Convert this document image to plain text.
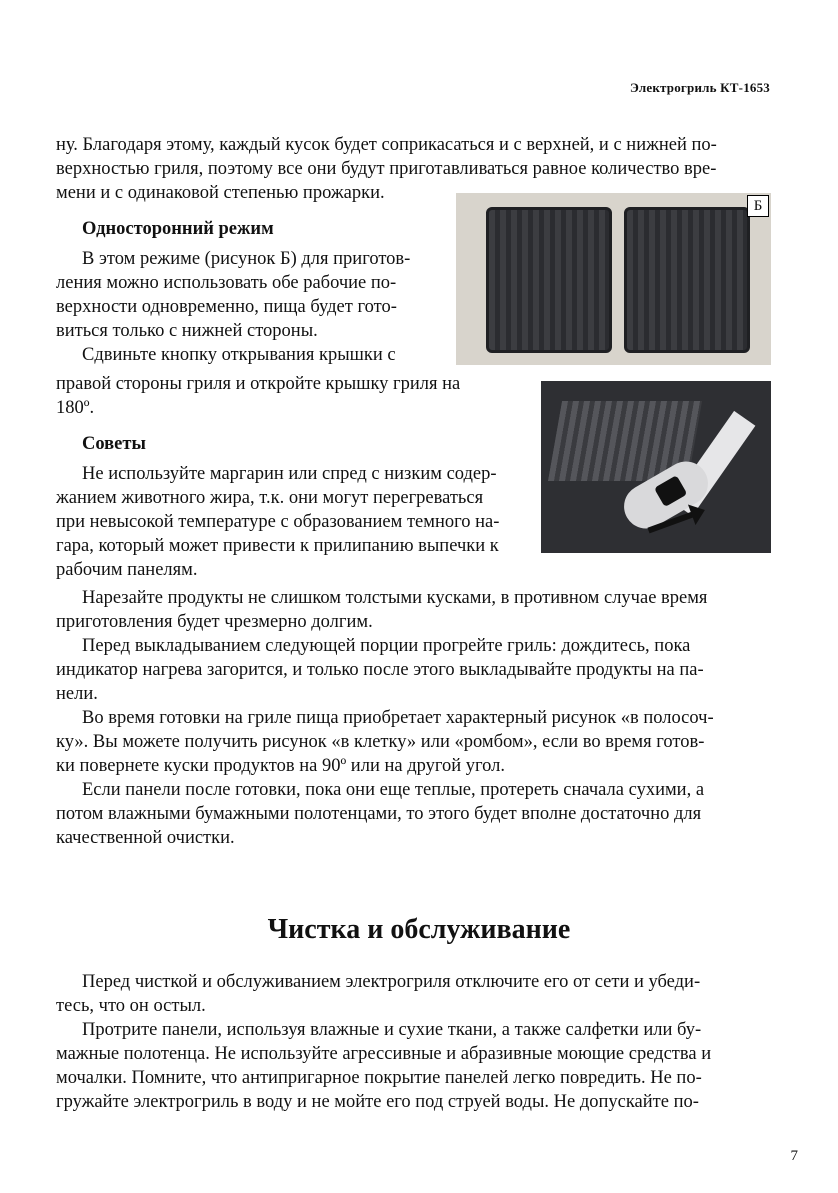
Электрогриль КТ-1653

ну. Благодаря этому, каждый кусок будет соприкасаться и с верхней, и с нижней по-

верхностью гриля, поэтому все они будут приготавливаться равное количество вре-

мени и с одинаковой степенью прожарки.

Односторонний режим

В этом режиме (рисунок Б) для приготов-

ления можно использовать обе рабочие по-

верхности одновременно, пища будет гото-

виться только с нижней стороны.

Сдвиньте кнопку открывания крышки с

правой стороны гриля и откройте крышку гриля на

180º.

Советы

Не используйте маргарин или спред с низким содер-

жанием животного жира, т.к. они могут перегреваться

при невысокой температуре с образованием темного на-

гара, который может привести к прилипанию выпечки к

рабочим панелям.

Нарезайте продукты не слишком толстыми кусками, в противном случае время

приготовления будет чрезмерно долгим.

Перед выкладыванием следующей порции прогрейте гриль: дождитесь, пока

индикатор нагрева загорится, и только после этого выкладывайте продукты на па-

нели.

Во время готовки на гриле пища приобретает характерный рисунок «в полосоч-

ку». Вы можете получить рисунок «в клетку» или «ромбом», если во время готов-

ки повернете куски продуктов на 90º или на другой угол.

Если панели после готовки, пока они еще теплые, протереть сначала сухими, а

потом влажными бумажными полотенцами, то этого будет вполне достаточно для

качественной очистки.

Б
Чистка и обслуживание

Перед чисткой и обслуживанием электрогриля отключите его от сети и убеди-

тесь, что он остыл.

Протрите панели, используя влажные и сухие ткани, а также салфетки или бу-

мажные полотенца. Не используйте агрессивные и абразивные моющие средства и

мочалки. Помните, что антипригарное покрытие панелей легко повредить. Не по-

гружайте электрогриль в воду и не мойте его под струей воды. Не допускайте по-

7
